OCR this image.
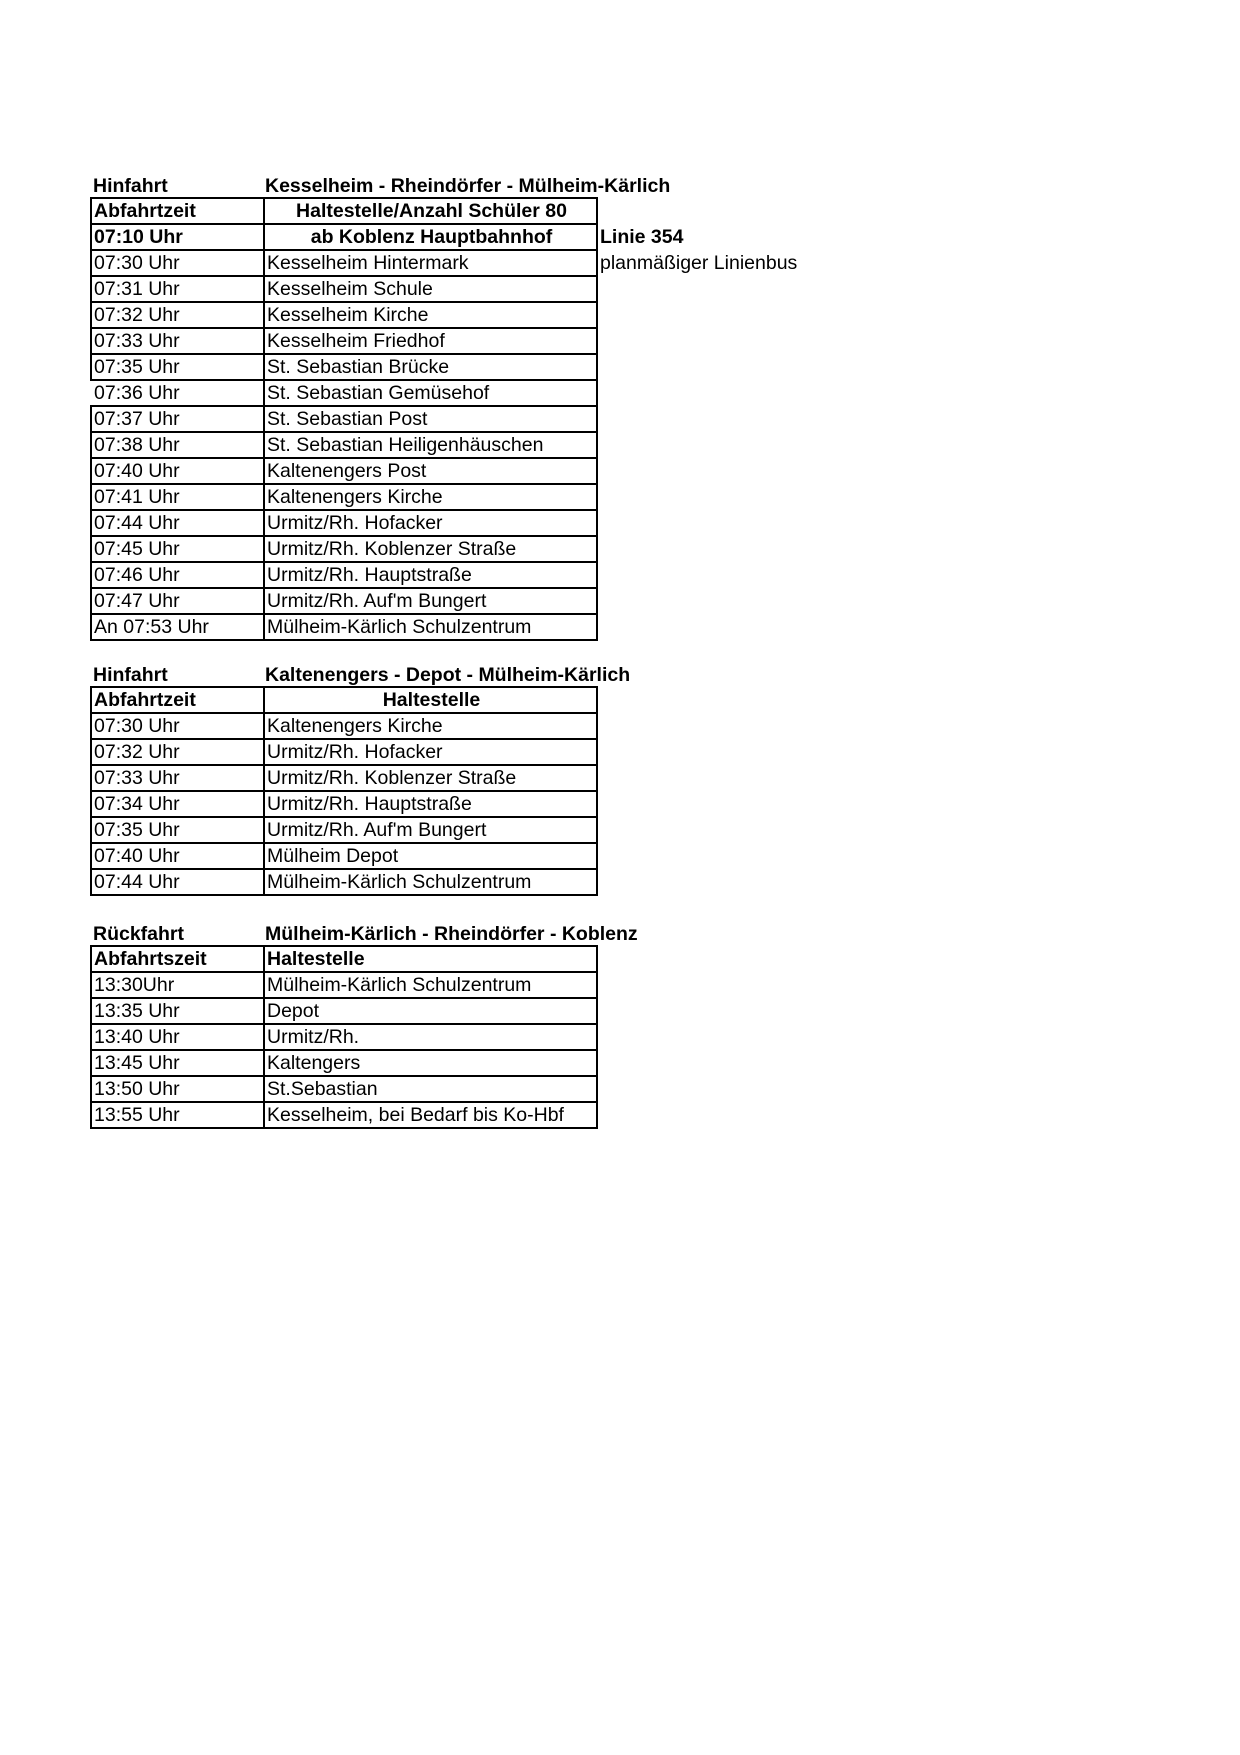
Hinfahrt	Kesselheim - Rheindörfer - Mülheim-Kärlich
Abfahrtzeit	Haltestelle/Anzahl Schüler 80	
07:10 Uhr	ab Koblenz Hauptbahnhof	Linie 354
07:30 Uhr	Kesselheim Hintermark	planmäßiger Linienbus
07:31 Uhr	Kesselheim Schule	
07:32 Uhr	Kesselheim Kirche	
07:33 Uhr	Kesselheim Friedhof	
07:35 Uhr	St. Sebastian Brücke	
07:36 Uhr	St. Sebastian Gemüsehof	
07:37 Uhr	St. Sebastian Post	
07:38 Uhr	St. Sebastian Heiligenhäuschen	
07:40 Uhr	Kaltenengers Post	
07:41 Uhr	Kaltenengers Kirche	
07:44 Uhr	Urmitz/Rh. Hofacker	
07:45 Uhr	Urmitz/Rh. Koblenzer Straße	
07:46 Uhr	Urmitz/Rh. Hauptstraße	
07:47 Uhr	Urmitz/Rh. Auf'm Bungert	
An 07:53 Uhr	Mülheim-Kärlich Schulzentrum	
Hinfahrt	Kaltenengers - Depot - Mülheim-Kärlich
Abfahrtzeit	Haltestelle
07:30 Uhr	Kaltenengers Kirche
07:32 Uhr	Urmitz/Rh. Hofacker
07:33 Uhr	Urmitz/Rh. Koblenzer Straße
07:34 Uhr	Urmitz/Rh. Hauptstraße
07:35 Uhr	Urmitz/Rh. Auf'm Bungert
07:40 Uhr	Mülheim Depot
07:44 Uhr	Mülheim-Kärlich Schulzentrum
Rückfahrt	Mülheim-Kärlich - Rheindörfer - Koblenz
Abfahrtszeit	Haltestelle
13:30Uhr	Mülheim-Kärlich Schulzentrum
13:35 Uhr	Depot
13:40 Uhr	Urmitz/Rh.
13:45 Uhr	Kaltengers
13:50 Uhr	St.Sebastian
13:55 Uhr	Kesselheim, bei Bedarf bis Ko-Hbf
